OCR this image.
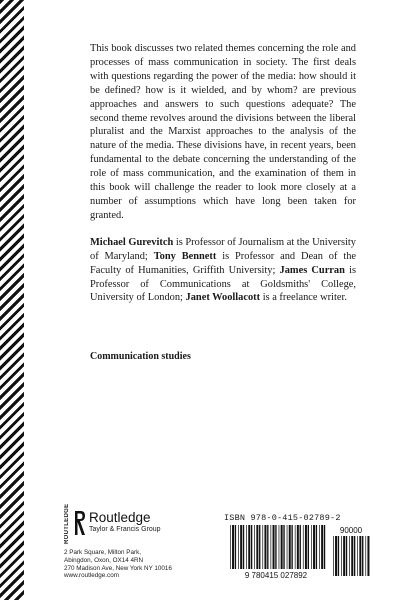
This book discusses two related themes concerning the role and processes of mass communication in society. The first deals with questions regarding the power of the media: how should it be defined? how is it wielded, and by whom? are previous approaches and answers to such questions adequate? The second theme revolves around the divisions between the liberal pluralist and the Marxist approaches to the analysis of the nature of the media. These divisions have, in recent years, been fundamental to the debate concerning the understanding of the role of mass communication, and the examination of them in this book will challenge the reader to look more closely at a number of assumptions which have long been taken for granted.

Michael Gurevitch is Professor of Journalism at the University of Maryland; Tony Bennett is Professor and Dean of the Faculty of Humanities, Griffith University; James Curran is Professor of Communications at Goldsmiths' College, University of London; Janet Woollacott is a freelance writer.

Communication studies
ROUTLEDGE Routledge
Taylor & Francis Group
2 Park Square, Milton Park,
Abingdon, Oxon, OX14 4RN
270 Madison Ave, New York NY 10016
www.routledge.com
ISBN 978-0-415-02789-2
9 780415 027892
90000
